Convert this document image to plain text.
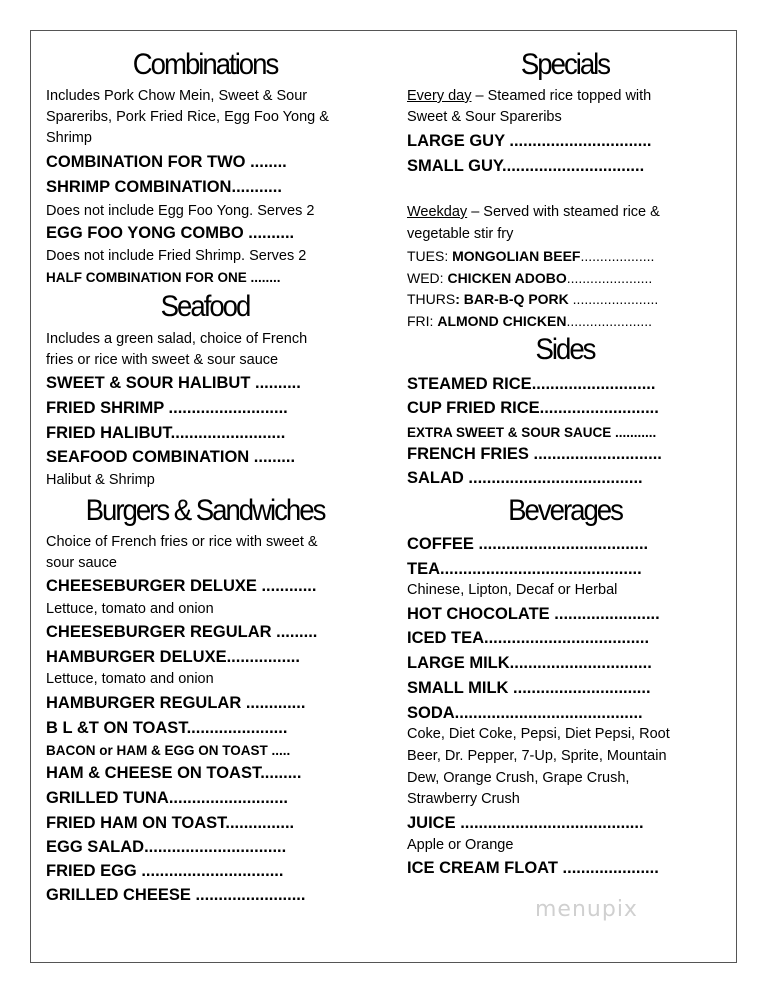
menupix
Combinations
Includes Pork Chow Mein, Sweet & Sour
Spareribs, Pork Fried Rice, Egg Foo Yong &
Shrimp
COMBINATION FOR TWO ........
SHRIMP COMBINATION...........
Does not include Egg Foo Yong. Serves 2
EGG FOO YONG COMBO ..........
Does not include Fried Shrimp. Serves 2
HALF COMBINATION FOR ONE ........
Seafood
Includes a green salad, choice of French
fries or rice with sweet & sour sauce
SWEET & SOUR HALIBUT ..........
FRIED SHRIMP ..........................
FRIED HALIBUT.........................
SEAFOOD COMBINATION .........
Halibut & Shrimp
Burgers & Sandwiches
Choice of French fries or rice with sweet &
sour sauce
CHEESEBURGER DELUXE ............
Lettuce, tomato and onion
CHEESEBURGER REGULAR .........
HAMBURGER DELUXE................
Lettuce, tomato and onion
HAMBURGER REGULAR .............
B L &T ON TOAST......................
BACON or HAM & EGG ON TOAST .....
HAM & CHEESE ON TOAST.........
GRILLED TUNA..........................
FRIED HAM ON TOAST...............
EGG SALAD...............................
FRIED EGG ...............................
GRILLED CHEESE ........................
Specials
Every day – Steamed rice topped with
Sweet & Sour Spareribs
LARGE GUY ...............................
SMALL GUY...............................
Weekday – Served with steamed rice &
vegetable stir fry
TUES: MONGOLIAN BEEF...................
WED: CHICKEN ADOBO......................
THURS: BAR-B-Q PORK ......................
FRI: ALMOND CHICKEN......................
Sides
STEAMED RICE...........................
CUP FRIED RICE..........................
EXTRA SWEET & SOUR SAUCE ...........
FRENCH FRIES ............................
SALAD ......................................
Beverages
COFFEE .....................................
TEA............................................
Chinese, Lipton, Decaf or Herbal
HOT CHOCOLATE .......................
ICED TEA....................................
LARGE MILK...............................
SMALL MILK ..............................
SODA.........................................
Coke, Diet Coke, Pepsi, Diet Pepsi, Root
Beer, Dr. Pepper, 7-Up, Sprite, Mountain
Dew, Orange Crush, Grape Crush,
Strawberry Crush
JUICE ........................................
Apple or Orange
ICE CREAM FLOAT .....................
